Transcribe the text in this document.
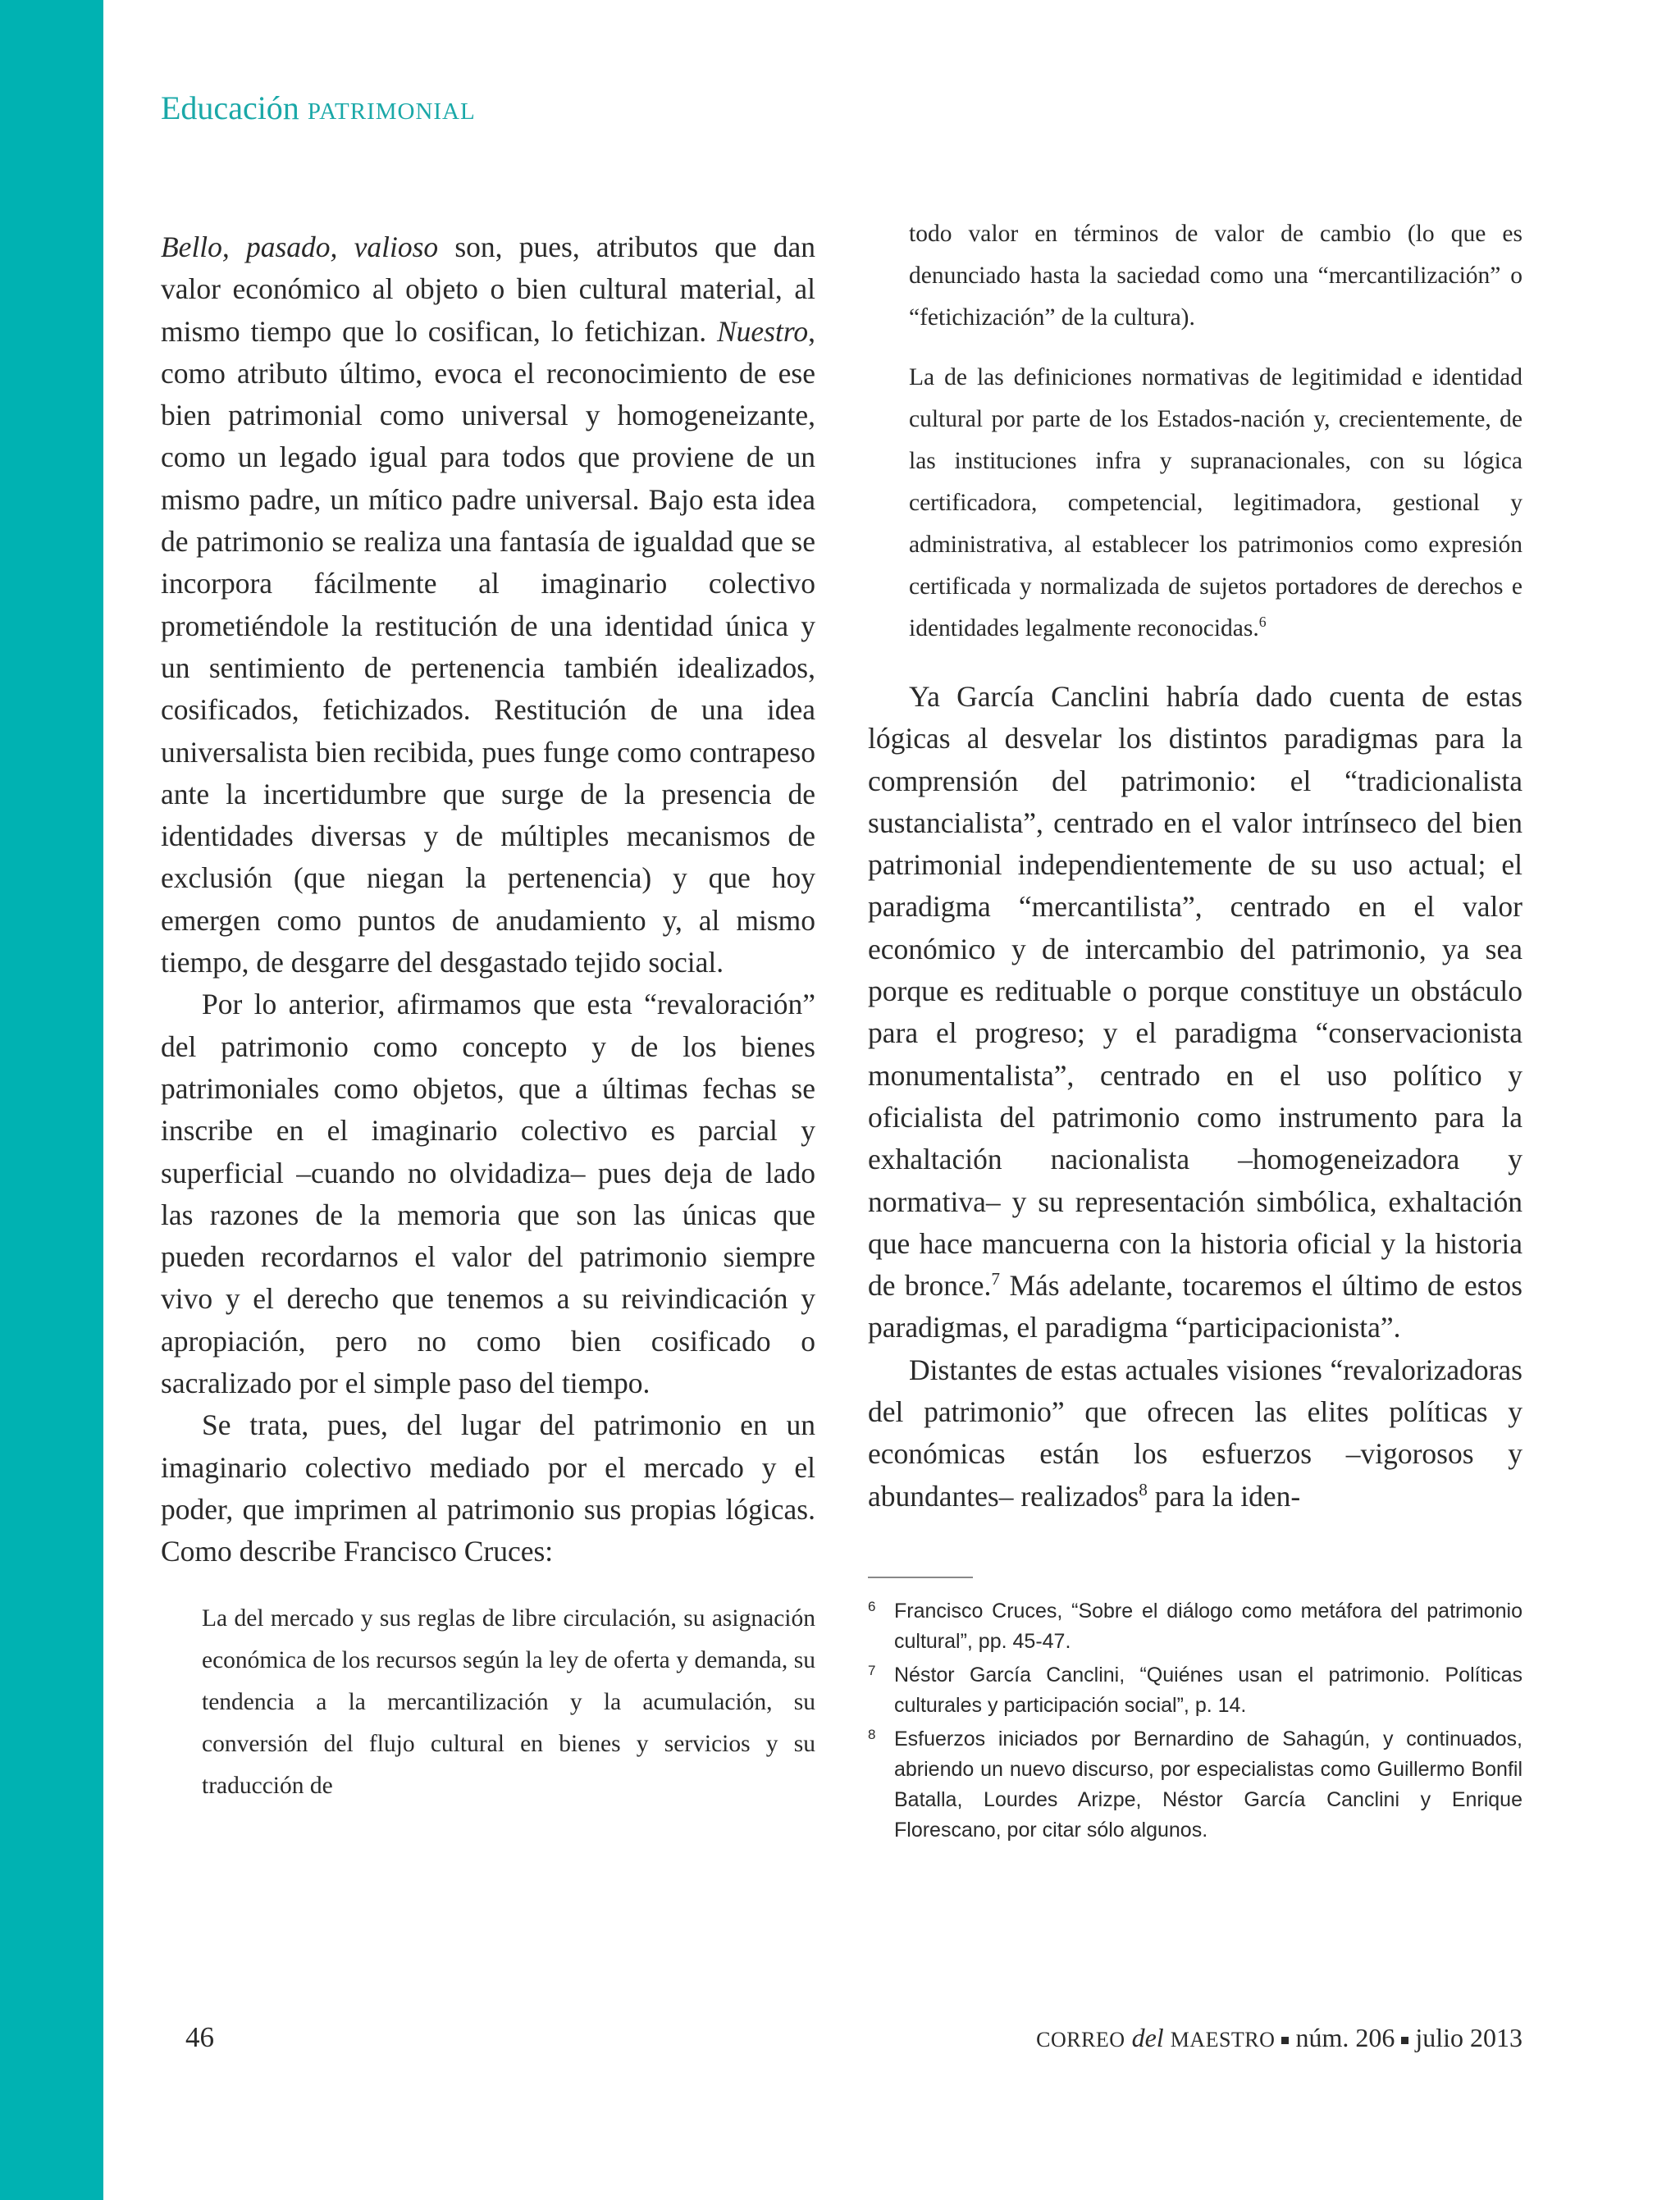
Educación PATRIMONIAL

Bello, pasado, valioso son, pues, atributos que dan valor económico al objeto o bien cultural material, al mismo tiempo que lo cosifican, lo fetichizan. Nuestro, como atributo último, evoca el reconocimiento de ese bien patrimonial como universal y homogeneizante, como un legado igual para todos que proviene de un mismo padre, un mítico padre universal. Bajo esta idea de patrimonio se realiza una fantasía de igualdad que se incorpora fácilmente al imaginario colectivo prometiéndole la restitución de una identidad única y un sentimiento de pertenencia también idealizados, cosificados, fetichizados. Restitución de una idea universalista bien recibida, pues funge como contrapeso ante la incertidumbre que surge de la presencia de identidades diversas y de múltiples mecanismos de exclusión (que niegan la pertenencia) y que hoy emergen como puntos de anudamiento y, al mismo tiempo, de desgarre del desgastado tejido social.

Por lo anterior, afirmamos que esta “revaloración” del patrimonio como concepto y de los bienes patrimoniales como objetos, que a últimas fechas se inscribe en el imaginario colectivo es parcial y superficial –cuando no olvidadiza– pues deja de lado las razones de la memoria que son las únicas que pueden recordarnos el valor del patrimonio siempre vivo y el derecho que tenemos a su reivindicación y apropiación, pero no como bien cosificado o sacralizado por el simple paso del tiempo.

Se trata, pues, del lugar del patrimonio en un imaginario colectivo mediado por el mercado y el poder, que imprimen al patrimonio sus propias lógicas. Como describe Francisco Cruces:

La del mercado y sus reglas de libre circulación, su asignación económica de los recursos según la ley de oferta y demanda, su tendencia a la mercantilización y la acumulación, su conversión del flujo cultural en bienes y servicios y su traducción de

todo valor en términos de valor de cambio (lo que es denunciado hasta la saciedad como una “mercantilización” o “fetichización” de la cultura).

La de las definiciones normativas de legitimidad e identidad cultural por parte de los Estados-nación y, crecientemente, de las instituciones infra y supranacionales, con su lógica certificadora, competencial, legitimadora, gestional y administrativa, al establecer los patrimonios como expresión certificada y normalizada de sujetos portadores de derechos e identidades legalmente reconocidas.$^6$

Ya García Canclini habría dado cuenta de estas lógicas al desvelar los distintos paradigmas para la comprensión del patrimonio: el “tradicionalista sustancialista”, centrado en el valor intrínseco del bien patrimonial independientemente de su uso actual; el paradigma “mercantilista”, centrado en el valor económico y de intercambio del patrimonio, ya sea porque es redituable o porque constituye un obstáculo para el progreso; y el paradigma “conservacionista monumentalista”, centrado en el uso político y oficialista del patrimonio como instrumento para la exhaltación nacionalista –homogeneizadora y normativa– y su representación simbólica, exhaltación que hace mancuerna con la historia oficial y la historia de bronce.$^7$ Más adelante, tocaremos el último de estos paradigmas, el paradigma “participacionista”.

Distantes de estas actuales visiones “revalorizadoras del patrimonio” que ofrecen las elites políticas y económicas están los esfuerzos –vigorosos y abundantes– realizados$^8$ para la iden-

6 Francisco Cruces, “Sobre el diálogo como metáfora del patrimonio cultural”, pp. 45-47.
7 Néstor García Canclini, “Quiénes usan el patrimonio. Políticas culturales y participación social”, p. 14.
8 Esfuerzos iniciados por Bernardino de Sahagún, y continuados, abriendo un nuevo discurso, por especialistas como Guillermo Bonfil Batalla, Lourdes Arizpe, Néstor García Canclini y Enrique Florescano, por citar sólo algunos.
46	CORREO del MAESTRO núm. 206 julio 2013
